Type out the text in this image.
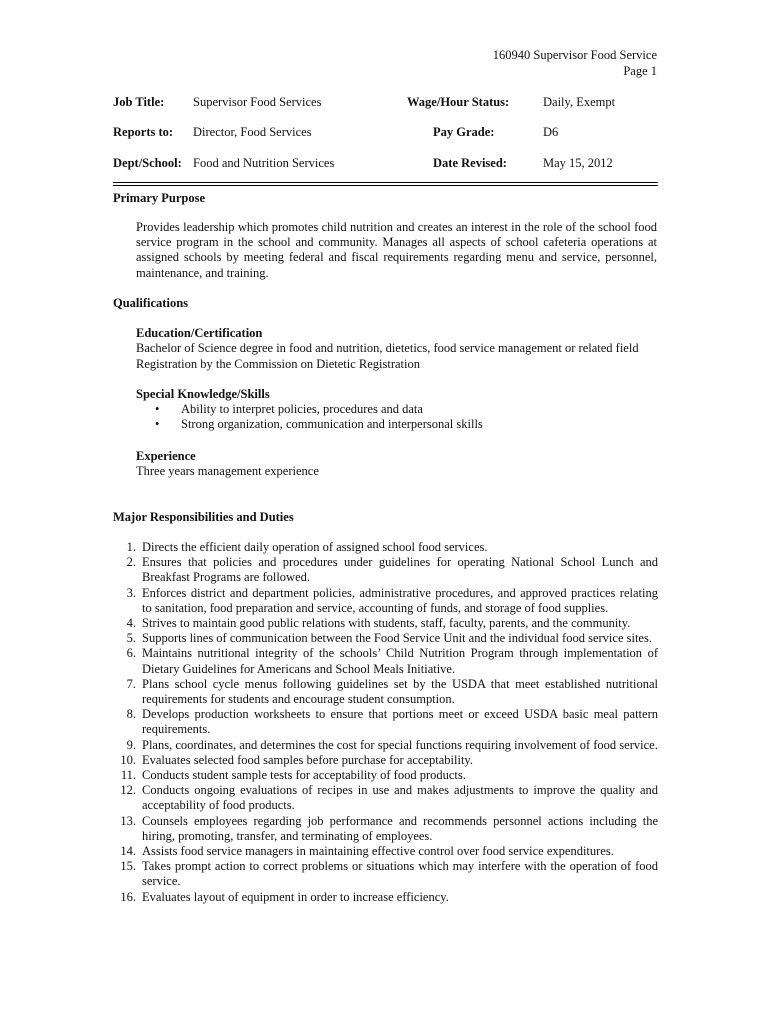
160940 Supervisor Food Service
Page 1
Job Title: Supervisor Food Services	Wage/Hour Status:	Daily, Exempt
Reports to: Director, Food Services	Pay Grade:	D6
Dept/School: Food and Nutrition Services	Date Revised:	May 15, 2012
Primary Purpose
Provides leadership which promotes child nutrition and creates an interest in the role of the school food service program in the school and community. Manages all aspects of school cafeteria operations at assigned schools by meeting federal and fiscal requirements regarding menu and service, personnel, maintenance, and training.
Qualifications
Education/Certification
Bachelor of Science degree in food and nutrition, dietetics, food service management or related field
Registration by the Commission on Dietetic Registration
Special Knowledge/Skills
•	Ability to interpret policies, procedures and data
•	Strong organization, communication and interpersonal skills
Experience
Three years management experience
Major Responsibilities and Duties
1. Directs the efficient daily operation of assigned school food services.
2. Ensures that policies and procedures under guidelines for operating National School Lunch and Breakfast Programs are followed.
3. Enforces district and department policies, administrative procedures, and approved practices relating to sanitation, food preparation and service, accounting of funds, and storage of food supplies.
4. Strives to maintain good public relations with students, staff, faculty, parents, and the community.
5. Supports lines of communication between the Food Service Unit and the individual food service sites.
6. Maintains nutritional integrity of the schools’ Child Nutrition Program through implementation of Dietary Guidelines for Americans and School Meals Initiative.
7. Plans school cycle menus following guidelines set by the USDA that meet established nutritional requirements for students and encourage student consumption.
8. Develops production worksheets to ensure that portions meet or exceed USDA basic meal pattern requirements.
9. Plans, coordinates, and determines the cost for special functions requiring involvement of food service.
10. Evaluates selected food samples before purchase for acceptability.
11. Conducts student sample tests for acceptability of food products.
12. Conducts ongoing evaluations of recipes in use and makes adjustments to improve the quality and acceptability of food products.
13. Counsels employees regarding job performance and recommends personnel actions including the hiring, promoting, transfer, and terminating of employees.
14. Assists food service managers in maintaining effective control over food service expenditures.
15. Takes prompt action to correct problems or situations which may interfere with the operation of food service.
16. Evaluates layout of equipment in order to increase efficiency.
